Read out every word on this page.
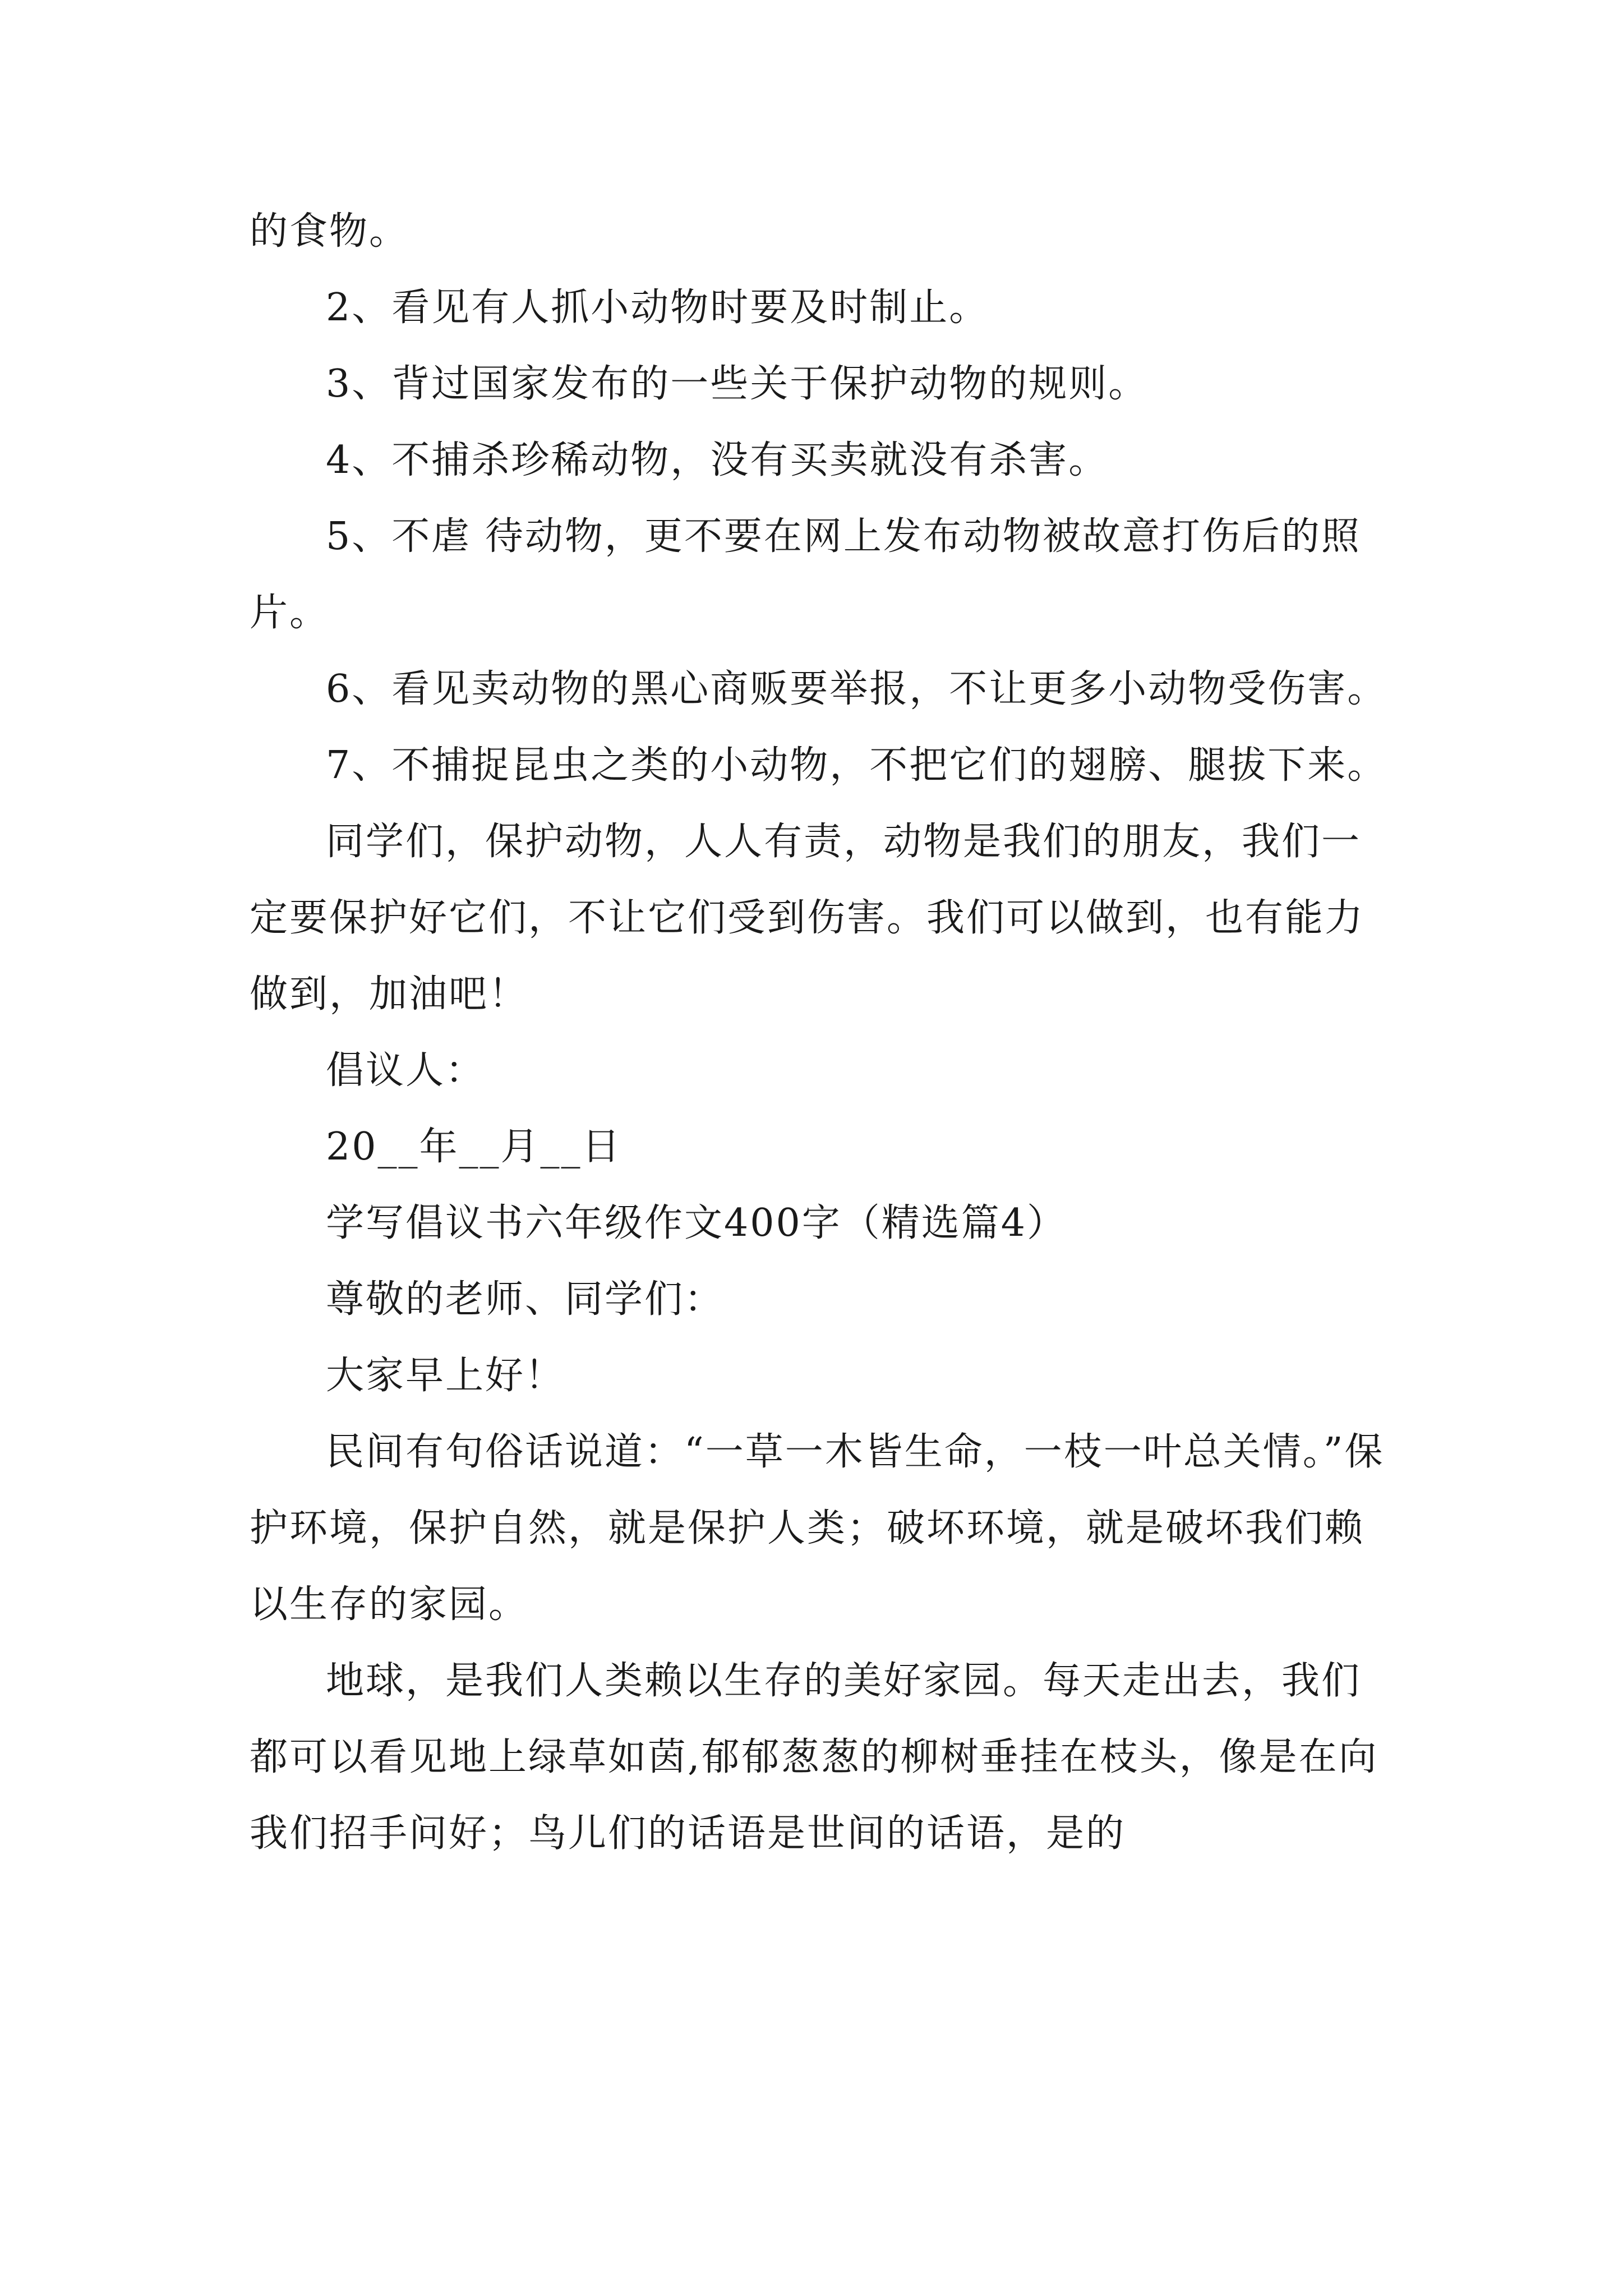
的食物。

2、看见有人抓小动物时要及时制止。

3、背过国家发布的一些关于保护动物的规则。

4、不捕杀珍稀动物，没有买卖就没有杀害。

5、不虐 待动物，更不要在网上发布动物被故意打伤后的照片。

6、看见卖动物的黑心商贩要举报，不让更多小动物受伤害。

7、不捕捉昆虫之类的小动物，不把它们的翅膀、腿拔下来。

同学们，保护动物，人人有责，动物是我们的朋友，我们一定要保护好它们，不让它们受到伤害。我们可以做到，也有能力做到，加油吧！

倡议人：

20__年__月__日

学写倡议书六年级作文400字（精选篇4）

尊敬的老师、同学们：

大家早上好！

民间有句俗话说道：“一草一木皆生命，一枝一叶总关情。”保护环境，保护自然，就是保护人类；破坏环境，就是破坏我们赖以生存的家园。

地球，是我们人类赖以生存的美好家园。每天走出去，我们都可以看见地上绿草如茵,郁郁葱葱的柳树垂挂在枝头，像是在向我们招手问好；鸟儿们的话语是世间的话语，是的
